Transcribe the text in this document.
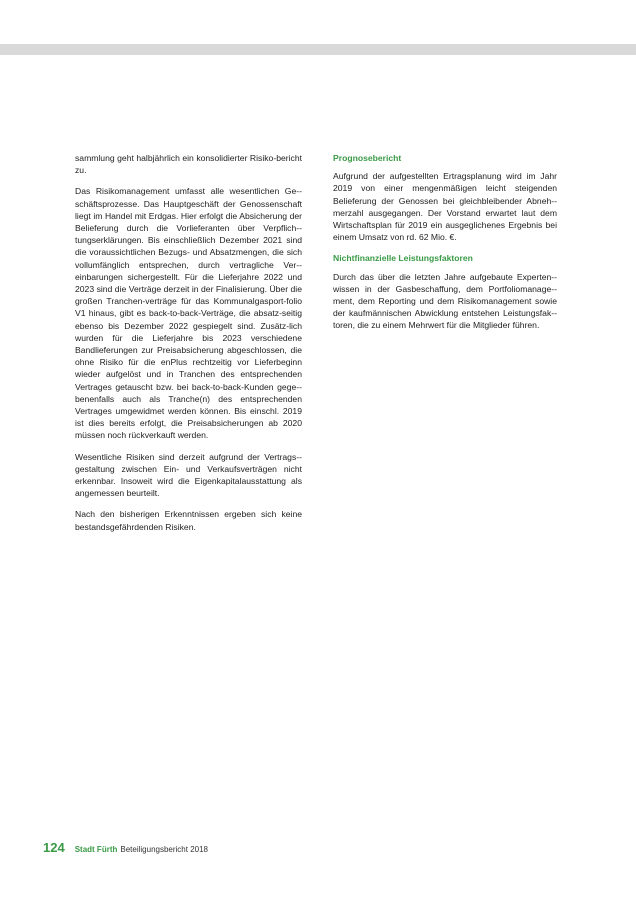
sammlung geht halbjährlich ein konsolidierter Risiko-bericht zu.

Das Risikomanagement umfasst alle wesentlichen Ge-schäftsprozesse. Das Hauptgeschäft der Genossenschaft liegt im Handel mit Erdgas. Hier erfolgt die Absicherung der Belieferung durch die Vorlieferanten über Verpflich-tungserklärungen. Bis einschließlich Dezember 2021 sind die voraussichtlichen Bezugs- und Absatzmengen, die sich vollumfänglich entsprechen, durch vertragliche Ver-einbarungen sichergestellt. Für die Lieferjahre 2022 und 2023 sind die Verträge derzeit in der Finalisierung. Über die großen Tranchen-verträge für das Kommunalgasport-folio V1 hinaus, gibt es back-to-back-Verträge, die absatz-seitig ebenso bis Dezember 2022 gespiegelt sind. Zusätz-lich wurden für die Lieferjahre bis 2023 verschiedene Bandlieferungen zur Preisabsicherung abgeschlossen, die ohne Risiko für die enPlus rechtzeitig vor Lieferbeginn wieder aufgelöst und in Tranchen des entsprechenden Vertrages getauscht bzw. bei back-to-back-Kunden gege-benenfalls auch als Tranche(n) des entsprechenden Vertrages umgewidmet werden können. Bis einschl. 2019 ist dies bereits erfolgt, die Preisabsicherungen ab 2020 müssen noch rückverkauft werden.

Wesentliche Risiken sind derzeit aufgrund der Vertrags-gestaltung zwischen Ein- und Verkaufsverträgen nicht erkennbar. Insoweit wird die Eigenkapitalausstattung als angemessen beurteilt.

Nach den bisherigen Erkenntnissen ergeben sich keine bestandsgefährdenden Risiken.

Prognosebericht

Aufgrund der aufgestellten Ertragsplanung wird im Jahr 2019 von einer mengenmäßigen leicht steigenden Belieferung der Genossen bei gleichbleibender Abneh-merzahl ausgegangen. Der Vorstand erwartet laut dem Wirtschaftsplan für 2019 ein ausgeglichenes Ergebnis bei einem Umsatz von rd. 62 Mio. €.

Nichtfinanzielle Leistungsfaktoren

Durch das über die letzten Jahre aufgebaute Experten-wissen in der Gasbeschaffung, dem Portfoliomanage-ment, dem Reporting und dem Risikomanagement sowie der kaufmännischen Abwicklung entstehen Leistungsfak-toren, die zu einem Mehrwert für die Mitglieder führen.

124 Stadt Fürth Beteiligungsbericht 2018
